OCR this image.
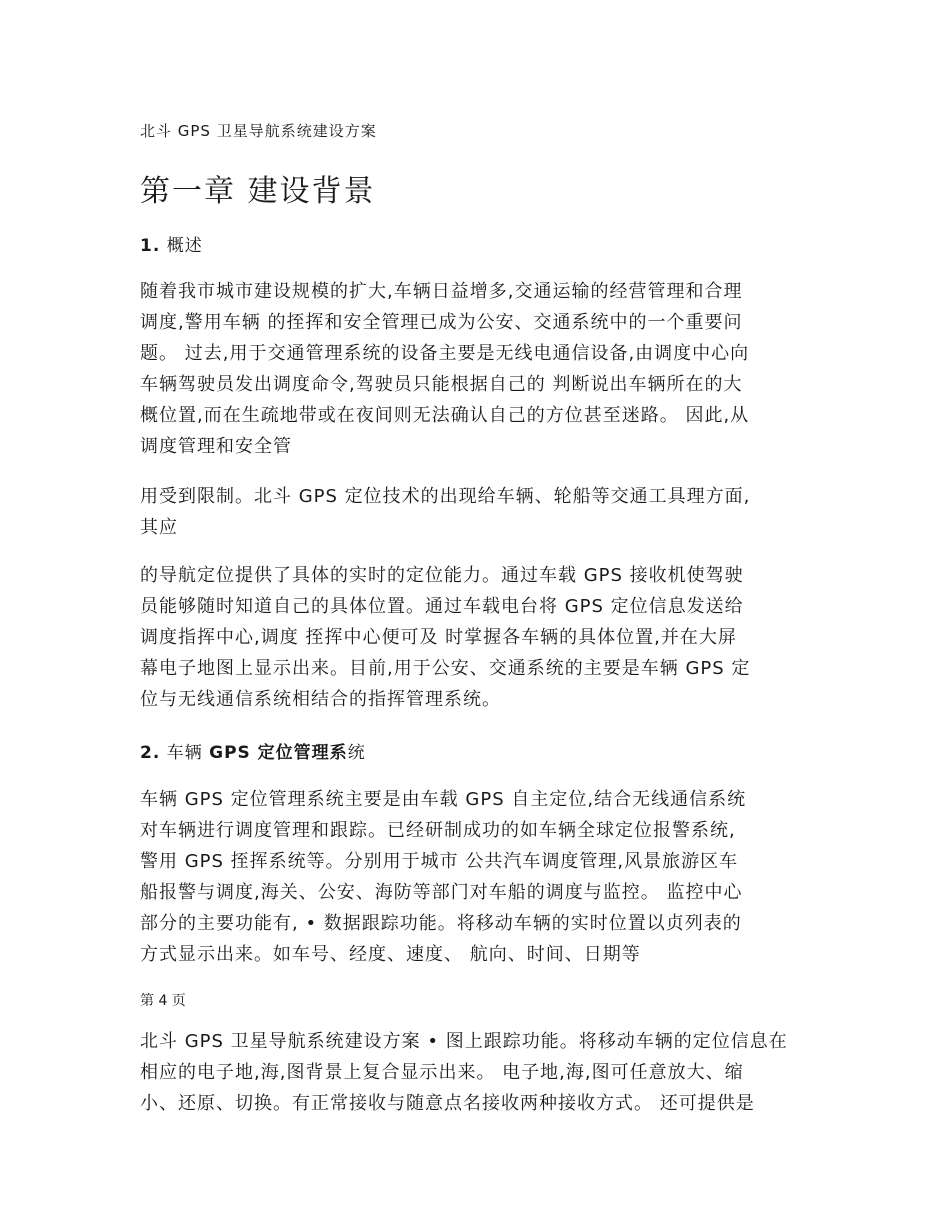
北斗 GPS 卫星导航系统建设方案
第一章 建设背景
1. 概述
随着我市城市建设规模的扩大,车辆日益增多,交通运输的经营管理和合理
调度,警用车辆 的挃挥和安全管理已成为公安、交通系统中的一个重要问
题。 过去,用于交通管理系统的设备主要是无线电通信设备,由调度中心向
车辆驾驶员发出调度命令,驾驶员只能根据自己的 判断说出车辆所在的大
概位置,而在生疏地带或在夜间则无法确认自己的方位甚至迷路。 因此,从
调度管理和安全管
用受到限制。北斗 GPS 定位技术的出现给车辆、轮船等交通工具理方面,
其应
的导航定位提供了具体的实时的定位能力。通过车载 GPS 接收机使驾驶
员能够随时知道自己的具体位置。通过车载电台将 GPS 定位信息发送给
调度指挥中心,调度 挃挥中心便可及 时掌握各车辆的具体位置,并在大屏
幕电子地图上显示出来。目前,用于公安、交通系统的主要是车辆 GPS 定
位与无线通信系统相结合的指挥管理系统。
2. 车辆 GPS 定位管理系统
车辆 GPS 定位管理系统主要是由车载 GPS 自主定位,结合无线通信系统
对车辆进行调度管理和跟踪。已经研制成功的如车辆全球定位报警系统,
警用 GPS 挃挥系统等。分别用于城市 公共汽车调度管理,风景旅游区车
船报警与调度,海关、公安、海防等部门对车船的调度与监控。 监控中心
部分的主要功能有, • 数据跟踪功能。将移动车辆的实时位置以贞列表的
方式显示出来。如车号、经度、速度、 航向、时间、日期等
第 4 页
北斗 GPS 卫星导航系统建设方案 • 图上跟踪功能。将移动车辆的定位信息在
相应的电子地,海,图背景上复合显示出来。 电子地,海,图可任意放大、缩
小、还原、切换。有正常接收与随意点名接收两种接收方式。 还可提供是
